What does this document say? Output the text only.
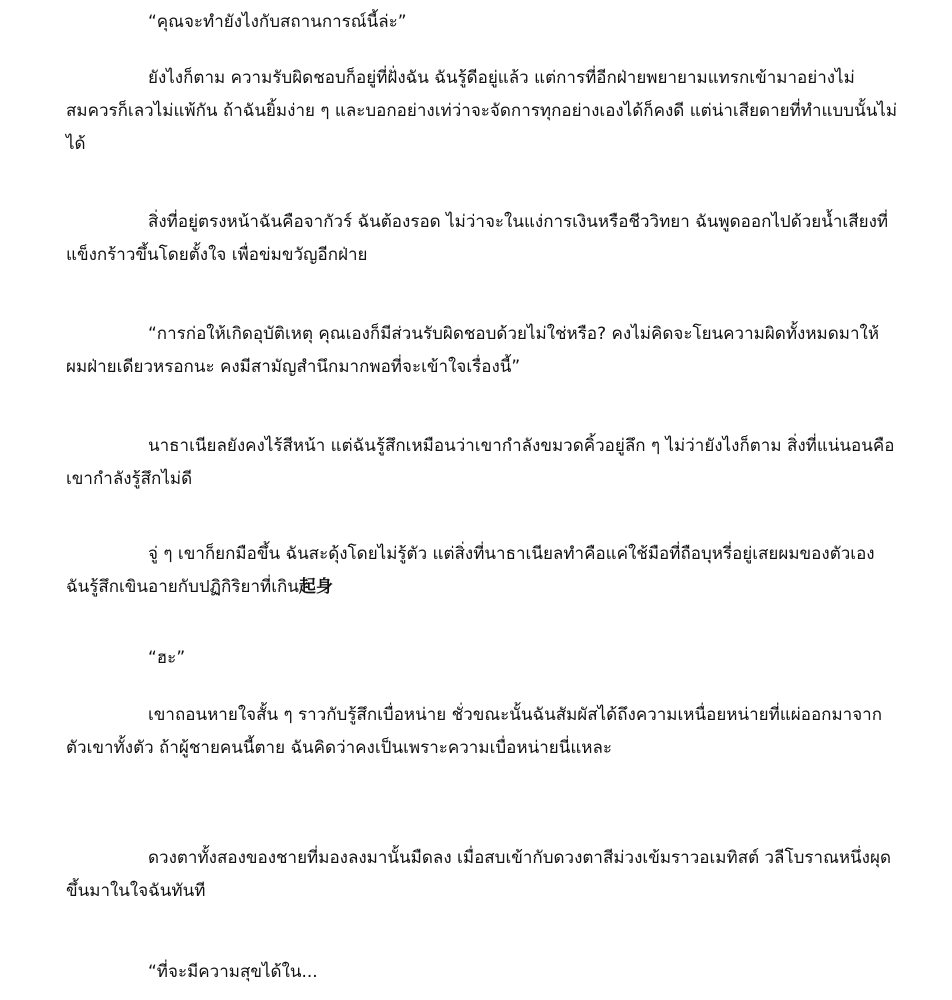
“คุณจะทำยังไงกับสถานการณ์นี้ล่ะ”

ยังไงก็ตาม ความรับผิดชอบก็อยู่ที่ฝั่งฉัน ฉันรู้ดีอยู่แล้ว แต่การที่อีกฝ่ายพยายามแทรกเข้ามาอย่างไม่สมควรก็เลวไม่แพ้กัน ถ้าฉันยิ้มง่าย ๆ และบอกอย่างเท่ว่าจะจัดการทุกอย่างเองได้ก็คงดี แต่น่าเสียดายที่ทำแบบนั้นไม่ได้

สิ่งที่อยู่ตรงหน้าฉันคือจากัวร์ ฉันต้องรอด ไม่ว่าจะในแง่การเงินหรือชีววิทยา ฉันพูดออกไปด้วยน้ำเสียงที่แข็งกร้าวขึ้นโดยตั้งใจ เพื่อข่มขวัญอีกฝ่าย

“การก่อให้เกิดอุบัติเหตุ คุณเองก็มีส่วนรับผิดชอบด้วยไม่ใช่หรือ? คงไม่คิดจะโยนความผิดทั้งหมดมาให้ผมฝ่ายเดียวหรอกนะ คงมีสามัญสำนึกมากพอที่จะเข้าใจเรื่องนี้”

นาธาเนียลยังคงไร้สีหน้า แต่ฉันรู้สึกเหมือนว่าเขากำลังขมวดคิ้วอยู่ลึก ๆ ไม่ว่ายังไงก็ตาม สิ่งที่แน่นอนคือเขากำลังรู้สึกไม่ดี

จู่ ๆ เขาก็ยกมือขึ้น ฉันสะดุ้งโดยไม่รู้ตัว แต่สิ่งที่นาธาเนียลทำคือแค่ใช้มือที่ถือบุหรี่อยู่เสยผมของตัวเอง ฉันรู้สึกเขินอายกับปฏิกิริยาที่เกิน起身

“ฮะ”

เขาถอนหายใจสั้น ๆ ราวกับรู้สึกเบื่อหน่าย ชั่วขณะนั้นฉันสัมผัสได้ถึงความเหนื่อยหน่ายที่แผ่ออกมาจากตัวเขาทั้งตัว ถ้าผู้ชายคนนี้ตาย ฉันคิดว่าคงเป็นเพราะความเบื่อหน่ายนี่แหละ

ดวงตาทั้งสองของชายที่มองลงมานั้นมืดลง เมื่อสบเข้ากับดวงตาสีม่วงเข้มราวอเมทิสต์ วลีโบราณหนึ่งผุดขึ้นมาในใจฉันทันที

“ที่จะมีความสุขได้ใน...
